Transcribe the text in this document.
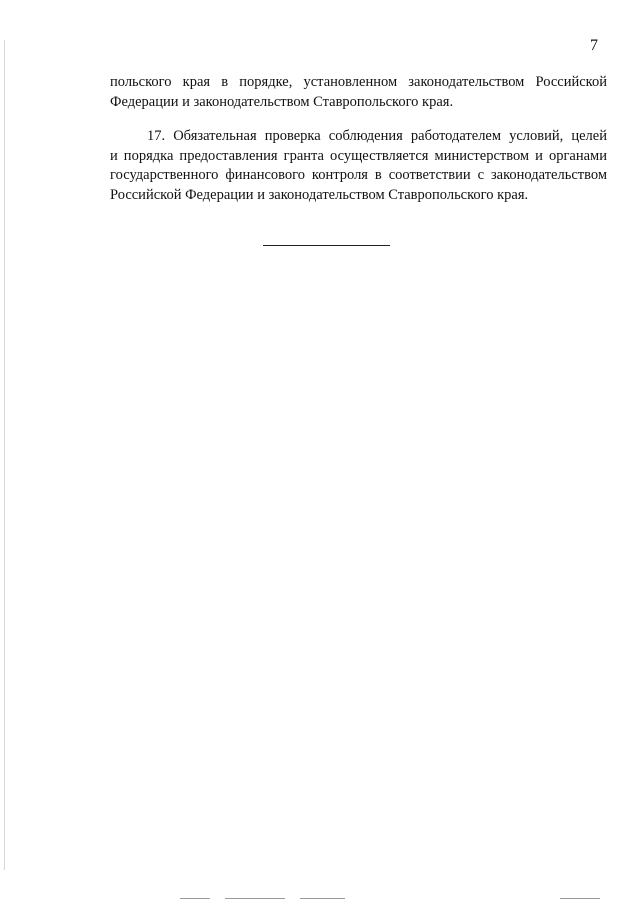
7
польского края в порядке, установленном законодательством Российской
Федерации и законодательством Ставропольского края.
17. Обязательная проверка соблюдения работодателем условий, целей
и порядка предоставления гранта осуществляется министерством и органами
государственного финансового контроля в соответствии с законодательством
Российской Федерации и законодательством Ставропольского края.
